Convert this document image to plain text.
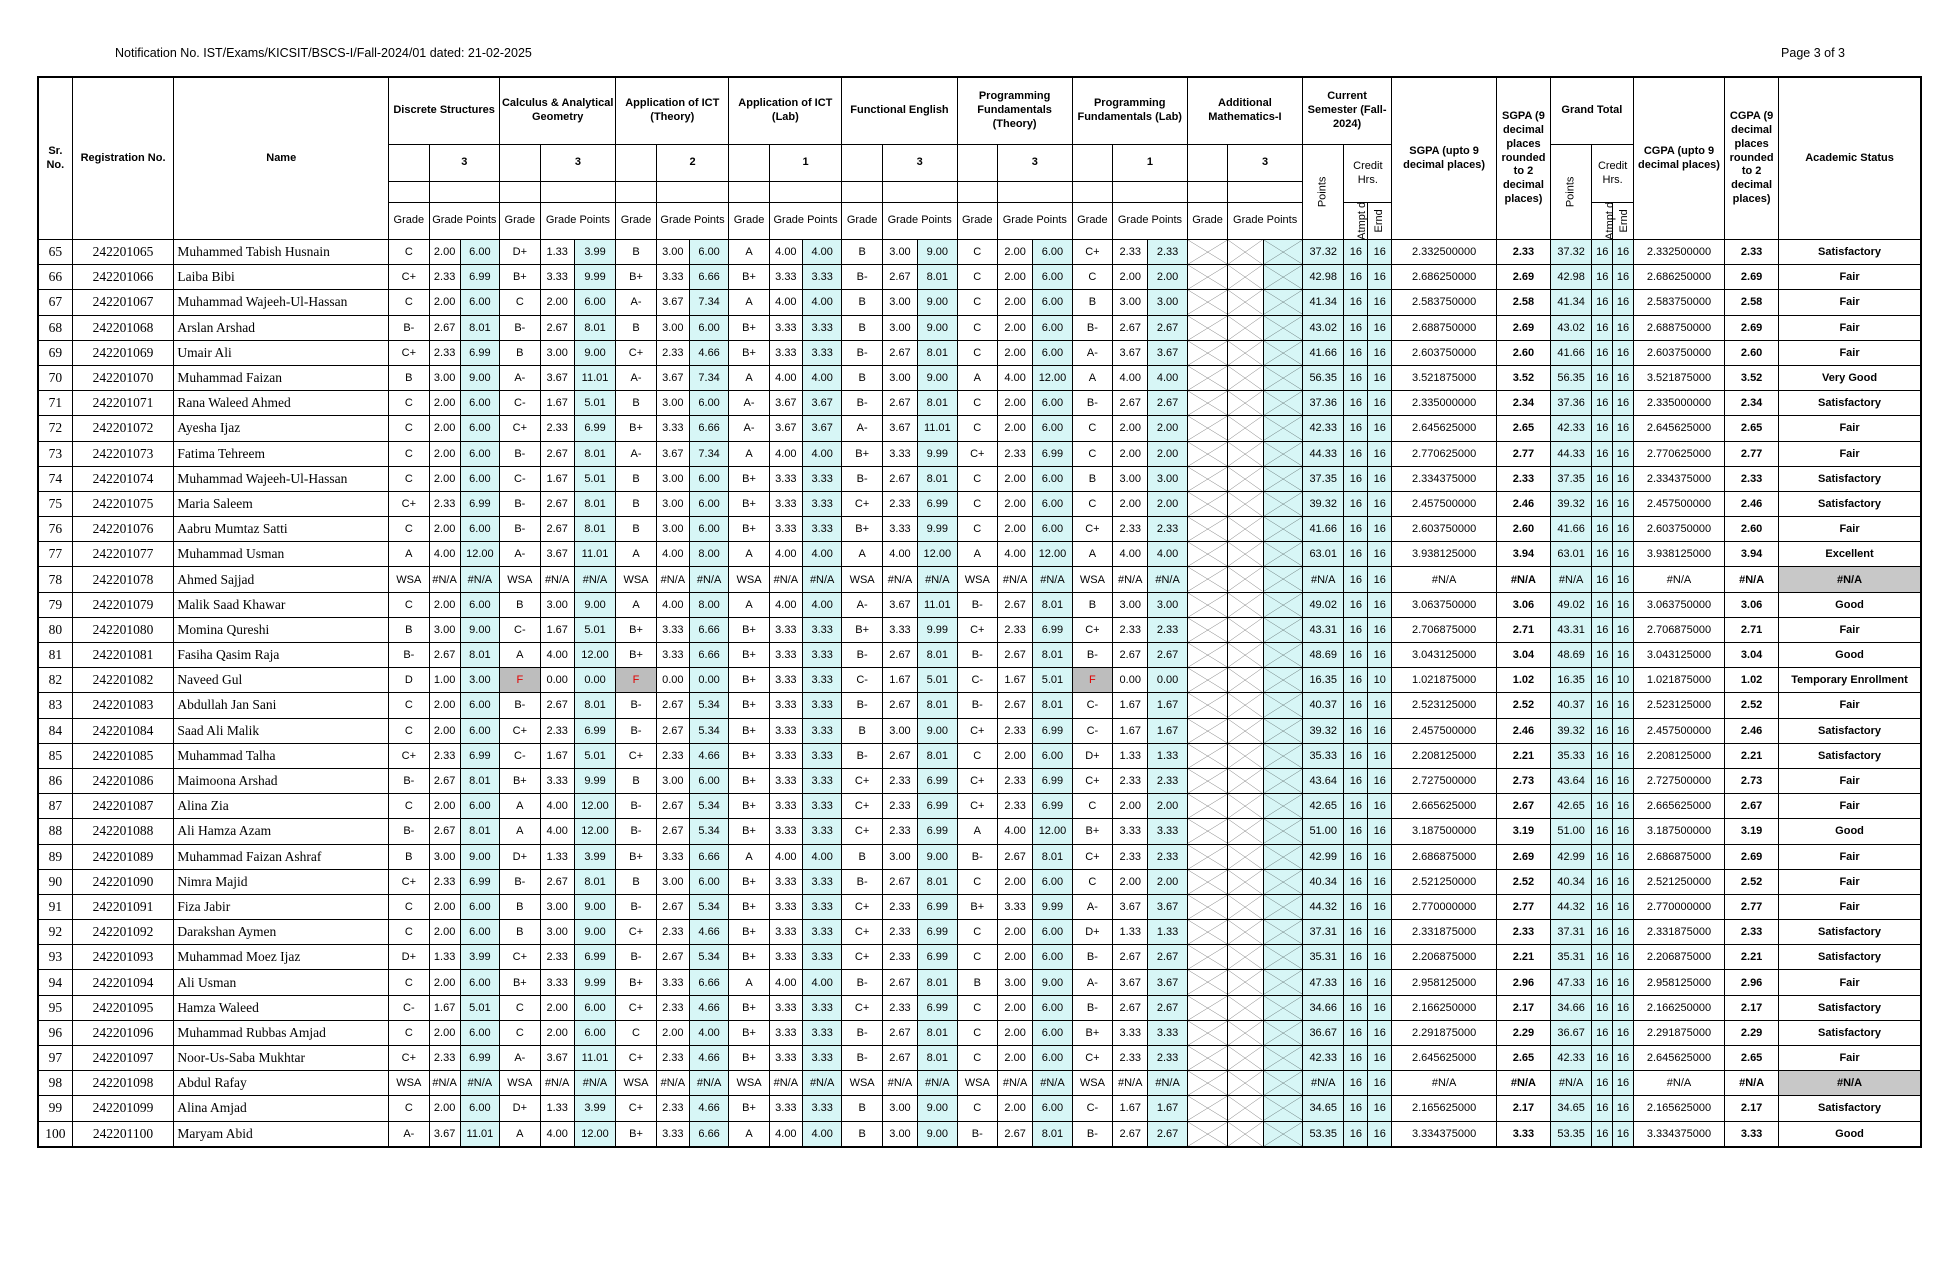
Notification No. IST/Exams/KICSIT/BSCS-I/Fall-2024/01 dated: 21-02-2025	Page 3 of 3
Sr. No.	Registration No.	Name	Discrete Structures			Calculus & Analytical Geometry			Application of ICT (Theory)			Application of ICT (Lab)			Functional English			Programming Fundamentals (Theory)			Programming Fundamentals (Lab)			Additional Mathematics-I			Current Semester (Fall-2024)			SGPA (upto 9 decimal places)	SGPA (9 decimal places rounded to 2 decimal places)	Grand Total			CGPA (upto 9 decimal places)	CGPA (9 decimal places rounded to 2 decimal places)	Academic Status
				3			3			2			1			3			3			1			3		Points	Credit Hrs.				Points	Credit Hrs.				

			Grade	Grade Points		Grade	Grade Points		Grade	Grade Points		Grade	Grade Points		Grade	Grade Points		Grade	Grade Points		Grade	Grade Points		Grade	Grade Points			Atmpt d	Ernd				Atmpt d	Ernd			
65	242201065	Muhammed Tabish Husnain	C	2.00	6.00	D+	1.33	3.99	B	3.00	6.00	A	4.00	4.00	B	3.00	9.00	C	2.00	6.00	C+	2.33	2.33				37.32	16	16	2.332500000	2.33	37.32	16	16	2.332500000	2.33	Satisfactory
66	242201066	Laiba Bibi	C+	2.33	6.99	B+	3.33	9.99	B+	3.33	6.66	B+	3.33	3.33	B-	2.67	8.01	C	2.00	6.00	C	2.00	2.00				42.98	16	16	2.686250000	2.69	42.98	16	16	2.686250000	2.69	Fair
67	242201067	Muhammad Wajeeh-Ul-Hassan	C	2.00	6.00	C	2.00	6.00	A-	3.67	7.34	A	4.00	4.00	B	3.00	9.00	C	2.00	6.00	B	3.00	3.00				41.34	16	16	2.583750000	2.58	41.34	16	16	2.583750000	2.58	Fair
68	242201068	Arslan Arshad	B-	2.67	8.01	B-	2.67	8.01	B	3.00	6.00	B+	3.33	3.33	B	3.00	9.00	C	2.00	6.00	B-	2.67	2.67				43.02	16	16	2.688750000	2.69	43.02	16	16	2.688750000	2.69	Fair
69	242201069	Umair Ali	C+	2.33	6.99	B	3.00	9.00	C+	2.33	4.66	B+	3.33	3.33	B-	2.67	8.01	C	2.00	6.00	A-	3.67	3.67				41.66	16	16	2.603750000	2.60	41.66	16	16	2.603750000	2.60	Fair
70	242201070	Muhammad Faizan	B	3.00	9.00	A-	3.67	11.01	A-	3.67	7.34	A	4.00	4.00	B	3.00	9.00	A	4.00	12.00	A	4.00	4.00				56.35	16	16	3.521875000	3.52	56.35	16	16	3.521875000	3.52	Very Good
71	242201071	Rana Waleed Ahmed	C	2.00	6.00	C-	1.67	5.01	B	3.00	6.00	A-	3.67	3.67	B-	2.67	8.01	C	2.00	6.00	B-	2.67	2.67				37.36	16	16	2.335000000	2.34	37.36	16	16	2.335000000	2.34	Satisfactory
72	242201072	Ayesha Ijaz	C	2.00	6.00	C+	2.33	6.99	B+	3.33	6.66	A-	3.67	3.67	A-	3.67	11.01	C	2.00	6.00	C	2.00	2.00				42.33	16	16	2.645625000	2.65	42.33	16	16	2.645625000	2.65	Fair
73	242201073	Fatima Tehreem	C	2.00	6.00	B-	2.67	8.01	A-	3.67	7.34	A	4.00	4.00	B+	3.33	9.99	C+	2.33	6.99	C	2.00	2.00				44.33	16	16	2.770625000	2.77	44.33	16	16	2.770625000	2.77	Fair
74	242201074	Muhammad Wajeeh-Ul-Hassan	C	2.00	6.00	C-	1.67	5.01	B	3.00	6.00	B+	3.33	3.33	B-	2.67	8.01	C	2.00	6.00	B	3.00	3.00				37.35	16	16	2.334375000	2.33	37.35	16	16	2.334375000	2.33	Satisfactory
75	242201075	Maria Saleem	C+	2.33	6.99	B-	2.67	8.01	B	3.00	6.00	B+	3.33	3.33	C+	2.33	6.99	C	2.00	6.00	C	2.00	2.00				39.32	16	16	2.457500000	2.46	39.32	16	16	2.457500000	2.46	Satisfactory
76	242201076	Aabru Mumtaz Satti	C	2.00	6.00	B-	2.67	8.01	B	3.00	6.00	B+	3.33	3.33	B+	3.33	9.99	C	2.00	6.00	C+	2.33	2.33				41.66	16	16	2.603750000	2.60	41.66	16	16	2.603750000	2.60	Fair
77	242201077	Muhammad Usman	A	4.00	12.00	A-	3.67	11.01	A	4.00	8.00	A	4.00	4.00	A	4.00	12.00	A	4.00	12.00	A	4.00	4.00				63.01	16	16	3.938125000	3.94	63.01	16	16	3.938125000	3.94	Excellent
78	242201078	Ahmed Sajjad	WSA	#N/A	#N/A	WSA	#N/A	#N/A	WSA	#N/A	#N/A	WSA	#N/A	#N/A	WSA	#N/A	#N/A	WSA	#N/A	#N/A	WSA	#N/A	#N/A				#N/A	16	16	#N/A	#N/A	#N/A	16	16	#N/A	#N/A	#N/A
79	242201079	Malik Saad Khawar	C	2.00	6.00	B	3.00	9.00	A	4.00	8.00	A	4.00	4.00	A-	3.67	11.01	B-	2.67	8.01	B	3.00	3.00				49.02	16	16	3.063750000	3.06	49.02	16	16	3.063750000	3.06	Good
80	242201080	Momina Qureshi	B	3.00	9.00	C-	1.67	5.01	B+	3.33	6.66	B+	3.33	3.33	B+	3.33	9.99	C+	2.33	6.99	C+	2.33	2.33				43.31	16	16	2.706875000	2.71	43.31	16	16	2.706875000	2.71	Fair
81	242201081	Fasiha Qasim Raja	B-	2.67	8.01	A	4.00	12.00	B+	3.33	6.66	B+	3.33	3.33	B-	2.67	8.01	B-	2.67	8.01	B-	2.67	2.67				48.69	16	16	3.043125000	3.04	48.69	16	16	3.043125000	3.04	Good
82	242201082	Naveed Gul	D	1.00	3.00	F	0.00	0.00	F	0.00	0.00	B+	3.33	3.33	C-	1.67	5.01	C-	1.67	5.01	F	0.00	0.00				16.35	16	10	1.021875000	1.02	16.35	16	10	1.021875000	1.02	Temporary Enrollment
83	242201083	Abdullah Jan Sani	C	2.00	6.00	B-	2.67	8.01	B-	2.67	5.34	B+	3.33	3.33	B-	2.67	8.01	B-	2.67	8.01	C-	1.67	1.67				40.37	16	16	2.523125000	2.52	40.37	16	16	2.523125000	2.52	Fair
84	242201084	Saad Ali Malik	C	2.00	6.00	C+	2.33	6.99	B-	2.67	5.34	B+	3.33	3.33	B	3.00	9.00	C+	2.33	6.99	C-	1.67	1.67				39.32	16	16	2.457500000	2.46	39.32	16	16	2.457500000	2.46	Satisfactory
85	242201085	Muhammad Talha	C+	2.33	6.99	C-	1.67	5.01	C+	2.33	4.66	B+	3.33	3.33	B-	2.67	8.01	C	2.00	6.00	D+	1.33	1.33				35.33	16	16	2.208125000	2.21	35.33	16	16	2.208125000	2.21	Satisfactory
86	242201086	Maimoona Arshad	B-	2.67	8.01	B+	3.33	9.99	B	3.00	6.00	B+	3.33	3.33	C+	2.33	6.99	C+	2.33	6.99	C+	2.33	2.33				43.64	16	16	2.727500000	2.73	43.64	16	16	2.727500000	2.73	Fair
87	242201087	Alina Zia	C	2.00	6.00	A	4.00	12.00	B-	2.67	5.34	B+	3.33	3.33	C+	2.33	6.99	C+	2.33	6.99	C	2.00	2.00				42.65	16	16	2.665625000	2.67	42.65	16	16	2.665625000	2.67	Fair
88	242201088	Ali Hamza Azam	B-	2.67	8.01	A	4.00	12.00	B-	2.67	5.34	B+	3.33	3.33	C+	2.33	6.99	A	4.00	12.00	B+	3.33	3.33				51.00	16	16	3.187500000	3.19	51.00	16	16	3.187500000	3.19	Good
89	242201089	Muhammad Faizan Ashraf	B	3.00	9.00	D+	1.33	3.99	B+	3.33	6.66	A	4.00	4.00	B	3.00	9.00	B-	2.67	8.01	C+	2.33	2.33				42.99	16	16	2.686875000	2.69	42.99	16	16	2.686875000	2.69	Fair
90	242201090	Nimra Majid	C+	2.33	6.99	B-	2.67	8.01	B	3.00	6.00	B+	3.33	3.33	B-	2.67	8.01	C	2.00	6.00	C	2.00	2.00				40.34	16	16	2.521250000	2.52	40.34	16	16	2.521250000	2.52	Fair
91	242201091	Fiza Jabir	C	2.00	6.00	B	3.00	9.00	B-	2.67	5.34	B+	3.33	3.33	C+	2.33	6.99	B+	3.33	9.99	A-	3.67	3.67				44.32	16	16	2.770000000	2.77	44.32	16	16	2.770000000	2.77	Fair
92	242201092	Darakshan Aymen	C	2.00	6.00	B	3.00	9.00	C+	2.33	4.66	B+	3.33	3.33	C+	2.33	6.99	C	2.00	6.00	D+	1.33	1.33				37.31	16	16	2.331875000	2.33	37.31	16	16	2.331875000	2.33	Satisfactory
93	242201093	Muhammad Moez Ijaz	D+	1.33	3.99	C+	2.33	6.99	B-	2.67	5.34	B+	3.33	3.33	C+	2.33	6.99	C	2.00	6.00	B-	2.67	2.67				35.31	16	16	2.206875000	2.21	35.31	16	16	2.206875000	2.21	Satisfactory
94	242201094	Ali Usman	C	2.00	6.00	B+	3.33	9.99	B+	3.33	6.66	A	4.00	4.00	B-	2.67	8.01	B	3.00	9.00	A-	3.67	3.67				47.33	16	16	2.958125000	2.96	47.33	16	16	2.958125000	2.96	Fair
95	242201095	Hamza Waleed	C-	1.67	5.01	C	2.00	6.00	C+	2.33	4.66	B+	3.33	3.33	C+	2.33	6.99	C	2.00	6.00	B-	2.67	2.67				34.66	16	16	2.166250000	2.17	34.66	16	16	2.166250000	2.17	Satisfactory
96	242201096	Muhammad Rubbas Amjad	C	2.00	6.00	C	2.00	6.00	C	2.00	4.00	B+	3.33	3.33	B-	2.67	8.01	C	2.00	6.00	B+	3.33	3.33				36.67	16	16	2.291875000	2.29	36.67	16	16	2.291875000	2.29	Satisfactory
97	242201097	Noor-Us-Saba Mukhtar	C+	2.33	6.99	A-	3.67	11.01	C+	2.33	4.66	B+	3.33	3.33	B-	2.67	8.01	C	2.00	6.00	C+	2.33	2.33				42.33	16	16	2.645625000	2.65	42.33	16	16	2.645625000	2.65	Fair
98	242201098	Abdul Rafay	WSA	#N/A	#N/A	WSA	#N/A	#N/A	WSA	#N/A	#N/A	WSA	#N/A	#N/A	WSA	#N/A	#N/A	WSA	#N/A	#N/A	WSA	#N/A	#N/A				#N/A	16	16	#N/A	#N/A	#N/A	16	16	#N/A	#N/A	#N/A
99	242201099	Alina Amjad	C	2.00	6.00	D+	1.33	3.99	C+	2.33	4.66	B+	3.33	3.33	B	3.00	9.00	C	2.00	6.00	C-	1.67	1.67				34.65	16	16	2.165625000	2.17	34.65	16	16	2.165625000	2.17	Satisfactory
100	242201100	Maryam Abid	A-	3.67	11.01	A	4.00	12.00	B+	3.33	6.66	A	4.00	4.00	B	3.00	9.00	B-	2.67	8.01	B-	2.67	2.67				53.35	16	16	3.334375000	3.33	53.35	16	16	3.334375000	3.33	Good
